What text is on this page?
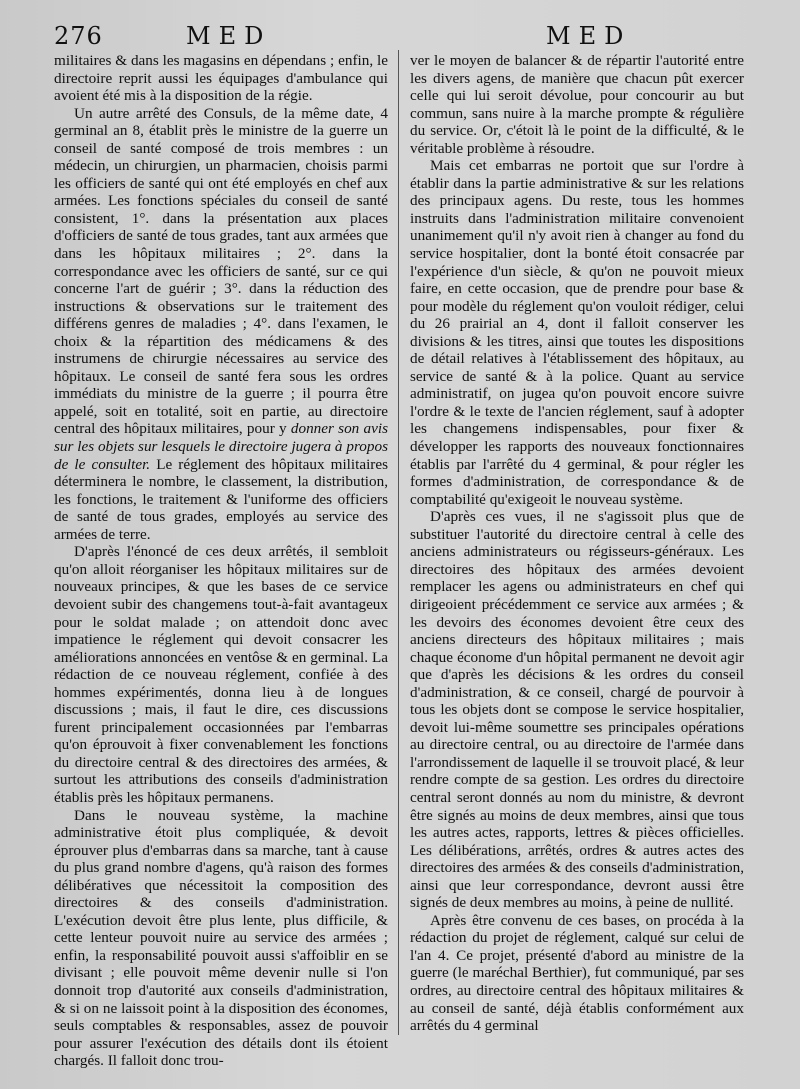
276	MED	MED

militaires & dans les magasins en dépendans ; enfin, le directoire reprit aussi les équipages d'ambulance qui avoient été mis à la disposition de la régie.

Un autre arrêté des Consuls, de la même date, 4 germinal an 8, établit près le ministre de la guerre un conseil de santé composé de trois membres : un médecin, un chirurgien, un pharmacien, choisis parmi les officiers de santé qui ont été employés en chef aux armées. Les fonctions spéciales du conseil de santé consistent, 1°. dans la présentation aux places d'officiers de santé de tous grades, tant aux armées que dans les hôpitaux militaires ; 2°. dans la correspondance avec les officiers de santé, sur ce qui concerne l'art de guérir ; 3°. dans la réduction des instructions & observations sur le traitement des différens genres de maladies ; 4°. dans l'examen, le choix & la répartition des médicamens & des instrumens de chirurgie nécessaires au service des hôpitaux. Le conseil de santé fera sous les ordres immédiats du ministre de la guerre ; il pourra être appelé, soit en totalité, soit en partie, au directoire central des hôpitaux militaires, pour y donner son avis sur les objets sur lesquels le directoire jugera à propos de le consulter. Le réglement des hôpitaux militaires déterminera le nombre, le classement, la distribution, les fonctions, le traitement & l'uniforme des officiers de santé de tous grades, employés au service des armées de terre.

D'après l'énoncé de ces deux arrêtés, il sembloit qu'on alloit réorganiser les hôpitaux militaires sur de nouveaux principes, & que les bases de ce service devoient subir des changemens tout-à-fait avantageux pour le soldat malade ; on attendoit donc avec impatience le réglement qui devoit consacrer les améliorations annoncées en ventôse & en germinal. La rédaction de ce nouveau réglement, confiée à des hommes expérimentés, donna lieu à de longues discussions ; mais, il faut le dire, ces discussions furent principalement occasionnées par l'embarras qu'on éprouvoit à fixer convenablement les fonctions du directoire central & des directoires des armées, & surtout les attributions des conseils d'administration établis près les hôpitaux permanens.

Dans le nouveau système, la machine administrative étoit plus compliquée, & devoit éprouver plus d'embarras dans sa marche, tant à cause du plus grand nombre d'agens, qu'à raison des formes délibératives que nécessitoit la composition des directoires & des conseils d'administration. L'exécution devoit être plus lente, plus difficile, & cette lenteur pouvoit nuire au service des armées ; enfin, la responsabilité pouvoit aussi s'affoiblir en se divisant ; elle pouvoit même devenir nulle si l'on donnoit trop d'autorité aux conseils d'administration, & si on ne laissoit point à la disposition des économes, seuls comptables & responsables, assez de pouvoir pour assurer l'exécution des détails dont ils étoient chargés. Il falloit donc trou-

ver le moyen de balancer & de répartir l'autorité entre les divers agens, de manière que chacun pût exercer celle qui lui seroit dévolue, pour concourir au but commun, sans nuire à la marche prompte & régulière du service. Or, c'étoit là le point de la difficulté, & le véritable problème à résoudre.

Mais cet embarras ne portoit que sur l'ordre à établir dans la partie administrative & sur les relations des principaux agens. Du reste, tous les hommes instruits dans l'administration militaire convenoient unanimement qu'il n'y avoit rien à changer au fond du service hospitalier, dont la bonté étoit consacrée par l'expérience d'un siècle, & qu'on ne pouvoit mieux faire, en cette occasion, que de prendre pour base & pour modèle du réglement qu'on vouloit rédiger, celui du 26 prairial an 4, dont il falloit conserver les divisions & les titres, ainsi que toutes les dispositions de détail relatives à l'établissement des hôpitaux, au service de santé & à la police. Quant au service administratif, on jugea qu'on pouvoit encore suivre l'ordre & le texte de l'ancien réglement, sauf à adopter les changemens indispensables, pour fixer & développer les rapports des nouveaux fonctionnaires établis par l'arrêté du 4 germinal, & pour régler les formes d'administration, de correspondance & de comptabilité qu'exigeoit le nouveau système.

D'après ces vues, il ne s'agissoit plus que de substituer l'autorité du directoire central à celle des anciens administrateurs ou régisseurs-généraux. Les directoires des hôpitaux des armées devoient remplacer les agens ou administrateurs en chef qui dirigeoient précédemment ce service aux armées ; & les devoirs des économes devoient être ceux des anciens directeurs des hôpitaux militaires ; mais chaque économe d'un hôpital permanent ne devoit agir que d'après les décisions & les ordres du conseil d'administration, & ce conseil, chargé de pourvoir à tous les objets dont se compose le service hospitalier, devoit lui-même soumettre ses principales opérations au directoire central, ou au directoire de l'armée dans l'arrondissement de laquelle il se trouvoit placé, & leur rendre compte de sa gestion. Les ordres du directoire central seront donnés au nom du ministre, & devront être signés au moins de deux membres, ainsi que tous les autres actes, rapports, lettres & pièces officielles. Les délibérations, arrêtés, ordres & autres actes des directoires des armées & des conseils d'administration, ainsi que leur correspondance, devront aussi être signés de deux membres au moins, à peine de nullité.

Après être convenu de ces bases, on procéda à la rédaction du projet de réglement, calqué sur celui de l'an 4. Ce projet, présenté d'abord au ministre de la guerre (le maréchal Berthier), fut communiqué, par ses ordres, au directoire central des hôpitaux militaires & au conseil de santé, déjà établis conformément aux arrêtés du 4 germinal
